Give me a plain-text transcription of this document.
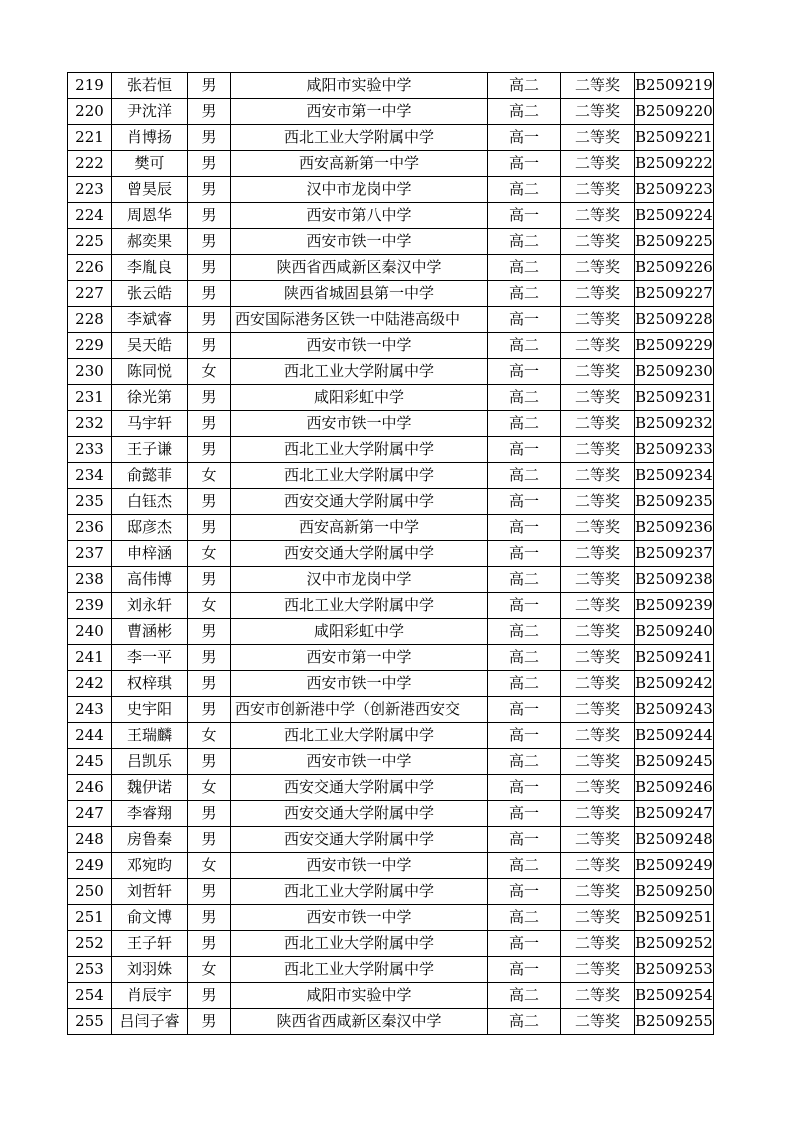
219	张若恒	男	咸阳市实验中学	高二	二等奖	B2509219
220	尹沈洋	男	西安市第一中学	高二	二等奖	B2509220
221	肖博扬	男	西北工业大学附属中学	高一	二等奖	B2509221
222	樊可	男	西安高新第一中学	高一	二等奖	B2509222
223	曾昊辰	男	汉中市龙岗中学	高二	二等奖	B2509223
224	周恩华	男	西安市第八中学	高一	二等奖	B2509224
225	郝奕果	男	西安市铁一中学	高二	二等奖	B2509225
226	李胤良	男	陕西省西咸新区秦汉中学	高二	二等奖	B2509226
227	张云皓	男	陕西省城固县第一中学	高二	二等奖	B2509227
228	李斌睿	男	西安国际港务区铁一中陆港高级中	高一	二等奖	B2509228
229	吴天皓	男	西安市铁一中学	高二	二等奖	B2509229
230	陈同悦	女	西北工业大学附属中学	高一	二等奖	B2509230
231	徐光第	男	咸阳彩虹中学	高二	二等奖	B2509231
232	马宇轩	男	西安市铁一中学	高二	二等奖	B2509232
233	王子谦	男	西北工业大学附属中学	高一	二等奖	B2509233
234	俞懿菲	女	西北工业大学附属中学	高二	二等奖	B2509234
235	白钰杰	男	西安交通大学附属中学	高一	二等奖	B2509235
236	邸彦杰	男	西安高新第一中学	高一	二等奖	B2509236
237	申梓涵	女	西安交通大学附属中学	高一	二等奖	B2509237
238	高伟博	男	汉中市龙岗中学	高二	二等奖	B2509238
239	刘永轩	女	西北工业大学附属中学	高一	二等奖	B2509239
240	曹涵彬	男	咸阳彩虹中学	高二	二等奖	B2509240
241	李一平	男	西安市第一中学	高二	二等奖	B2509241
242	权梓琪	男	西安市铁一中学	高二	二等奖	B2509242
243	史宇阳	男	西安市创新港中学（创新港西安交	高一	二等奖	B2509243
244	王瑞麟	女	西北工业大学附属中学	高一	二等奖	B2509244
245	吕凯乐	男	西安市铁一中学	高二	二等奖	B2509245
246	魏伊诺	女	西安交通大学附属中学	高一	二等奖	B2509246
247	李睿翔	男	西安交通大学附属中学	高一	二等奖	B2509247
248	房鲁秦	男	西安交通大学附属中学	高一	二等奖	B2509248
249	邓宛昀	女	西安市铁一中学	高二	二等奖	B2509249
250	刘哲轩	男	西北工业大学附属中学	高一	二等奖	B2509250
251	俞文博	男	西安市铁一中学	高二	二等奖	B2509251
252	王子轩	男	西北工业大学附属中学	高一	二等奖	B2509252
253	刘羽姝	女	西北工业大学附属中学	高一	二等奖	B2509253
254	肖辰宇	男	咸阳市实验中学	高二	二等奖	B2509254
255	吕闫子睿	男	陕西省西咸新区秦汉中学	高二	二等奖	B2509255
